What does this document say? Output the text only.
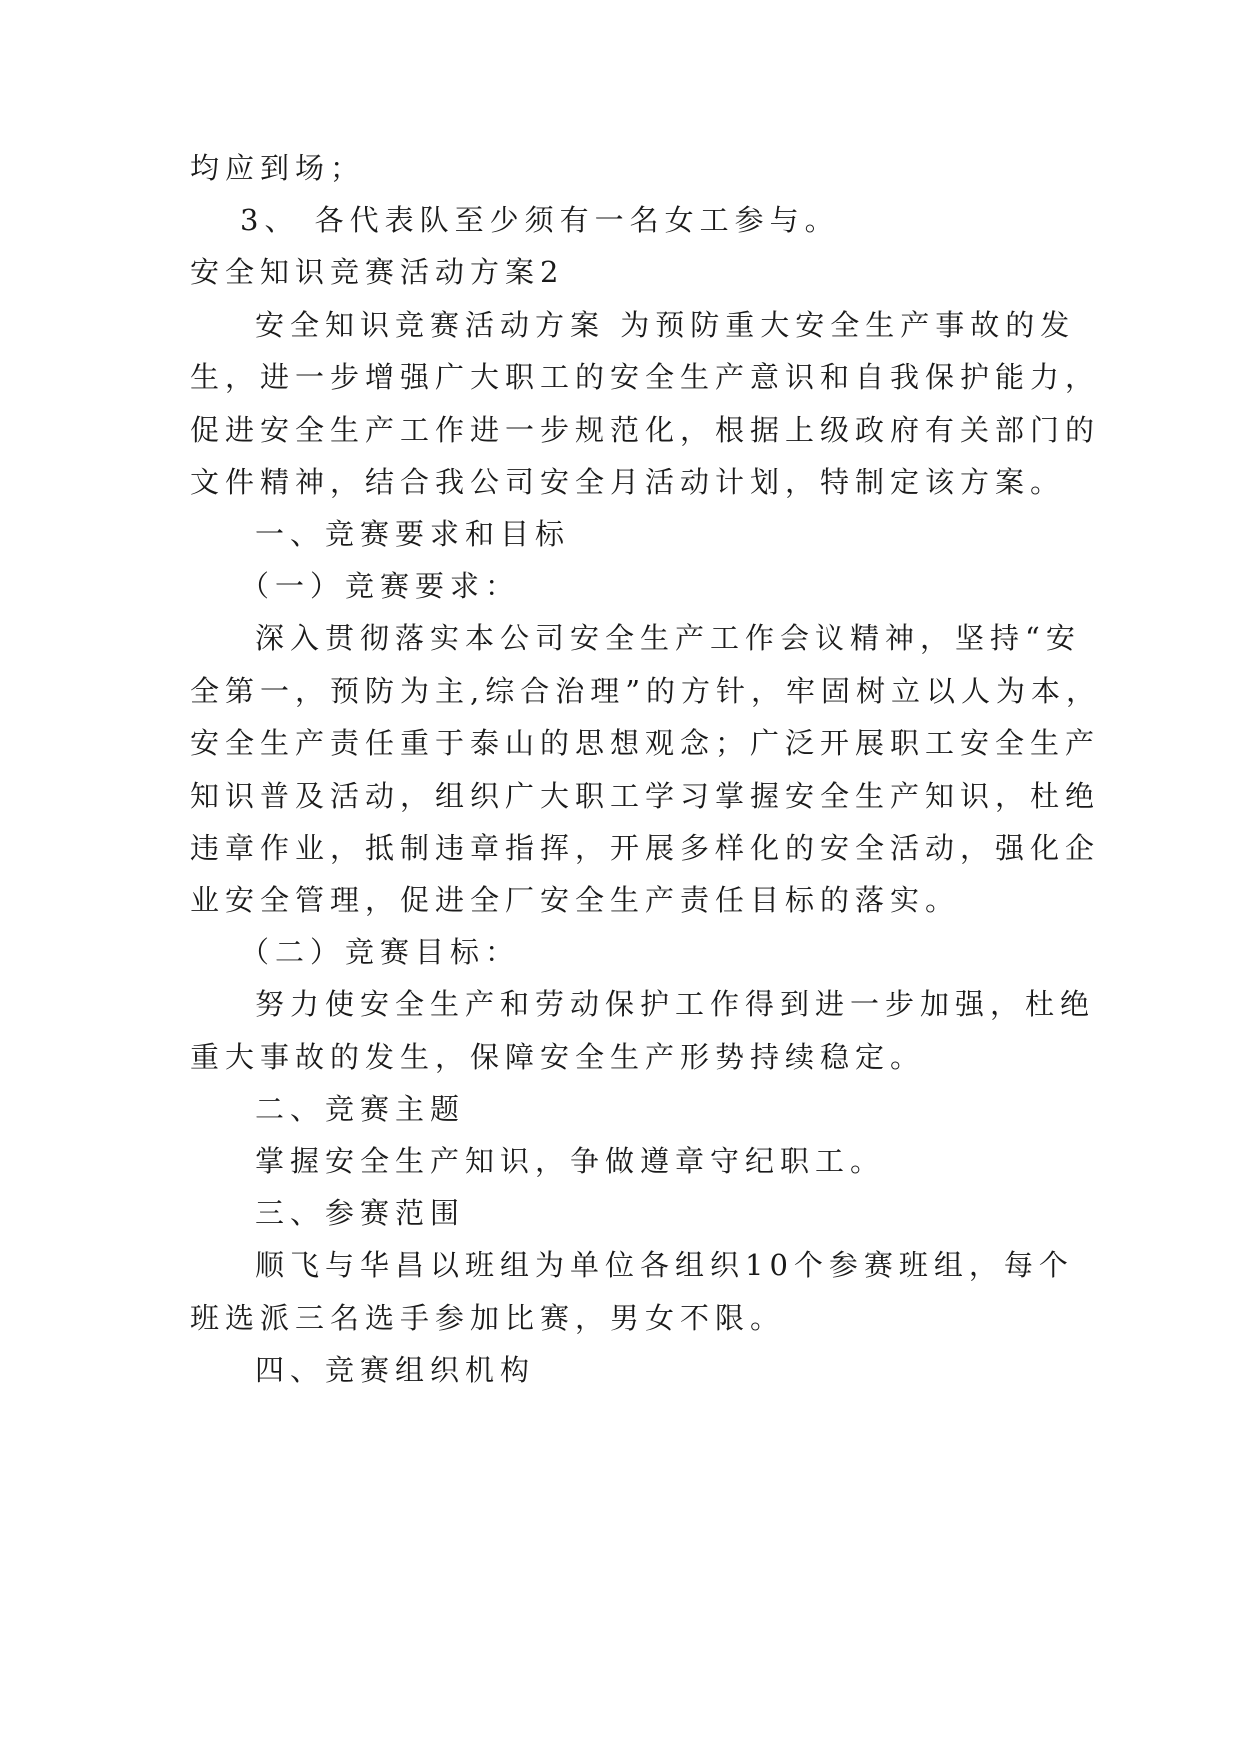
均应到场；
3、 各代表队至少须有一名女工参与。
安全知识竞赛活动方案2
安全知识竞赛活动方案 为预防重大安全生产事故的发
生，进一步增强广大职工的安全生产意识和自我保护能力，
促进安全生产工作进一步规范化，根据上级政府有关部门的
文件精神，结合我公司安全月活动计划，特制定该方案。
一、竞赛要求和目标
（一）竞赛要求：
深入贯彻落实本公司安全生产工作会议精神，坚持“安
全第一，预防为主,综合治理”的方针，牢固树立以人为本，
安全生产责任重于泰山的思想观念；广泛开展职工安全生产
知识普及活动，组织广大职工学习掌握安全生产知识，杜绝
违章作业，抵制违章指挥，开展多样化的安全活动，强化企
业安全管理，促进全厂安全生产责任目标的落实。
（二）竞赛目标：
努力使安全生产和劳动保护工作得到进一步加强，杜绝
重大事故的发生，保障安全生产形势持续稳定。
二、竞赛主题
掌握安全生产知识，争做遵章守纪职工。
三、参赛范围
顺飞与华昌以班组为单位各组织10个参赛班组，每个
班选派三名选手参加比赛，男女不限。
四、竞赛组织机构
